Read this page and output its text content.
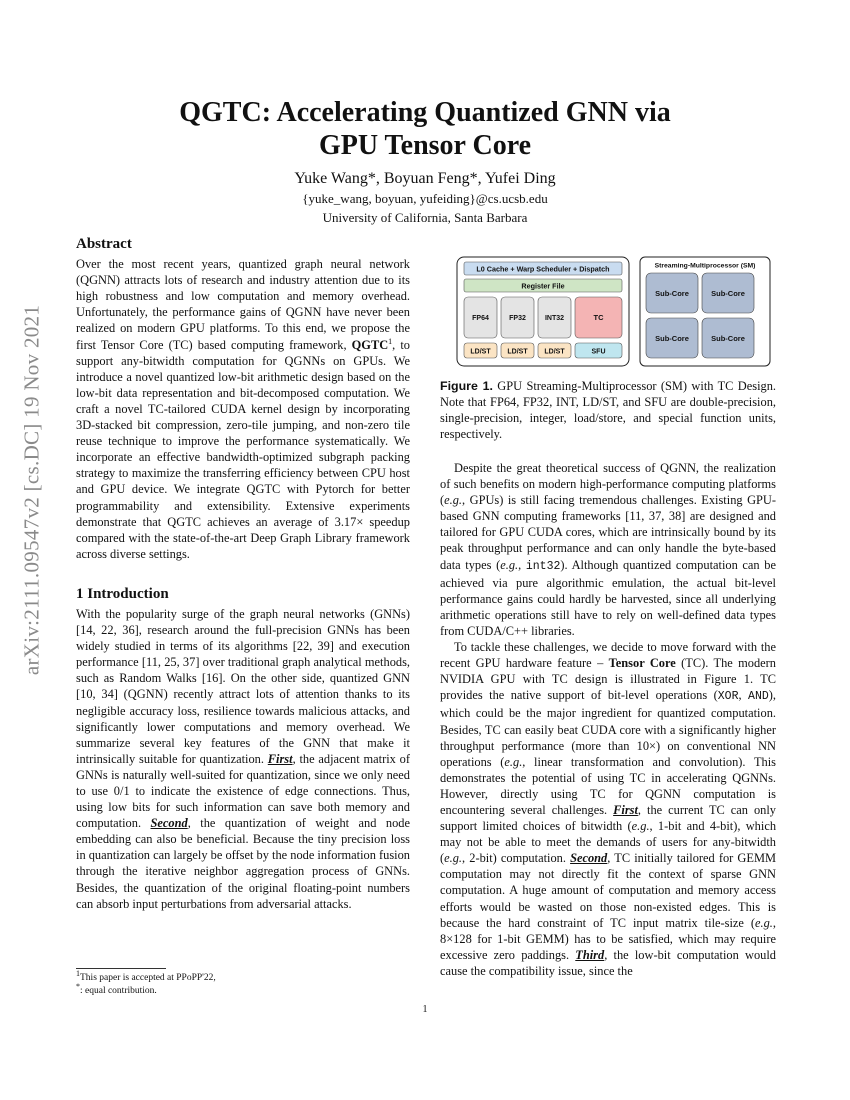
arXiv:2111.09547v2 [cs.DC] 19 Nov 2021
QGTC: Accelerating Quantized GNN via
GPU Tensor Core
Yuke Wang*, Boyuan Feng*, Yufei Ding
{yuke_wang, boyuan, yufeiding}@cs.ucsb.edu
University of California, Santa Barbara
Abstract

Over the most recent years, quantized graph neural network (QGNN) attracts lots of research and industry attention due to its high robustness and low computation and memory overhead. Unfortunately, the performance gains of QGNN have never been realized on modern GPU platforms. To this end, we propose the first Tensor Core (TC) based computing framework, QGTC$^1$, to support any-bitwidth computation for QGNNs on GPUs. We introduce a novel quantized low-bit arithmetic design based on the low-bit data representation and bit-decomposed computation. We craft a novel TC-tailored CUDA kernel design by incorporating 3D-stacked bit compression, zero-tile jumping, and non-zero tile reuse technique to improve the performance systematically. We incorporate an effective bandwidth-optimized subgraph packing strategy to maximize the transferring efficiency between CPU host and GPU device. We integrate QGTC with Pytorch for better programmability and extensibility. Extensive experiments demonstrate that QGTC achieves an average of 3.17× speedup compared with the state-of-the-art Deep Graph Library framework across diverse settings.

1 Introduction

With the popularity surge of the graph neural networks (GNNs) [14, 22, 36], research around the full-precision GNNs has been widely studied in terms of its algorithms [22, 39] and execution performance [11, 25, 37] over traditional graph analytical methods, such as Random Walks [16]. On the other side, quantized GNN [10, 34] (QGNN) recently attract lots of attention thanks to its negligible accuracy loss, resilience towards malicious attacks, and significantly lower computations and memory overhead. We summarize several key features of the GNN that make it intrinsically suitable for quantization. First, the adjacent matrix of GNNs is naturally well-suited for quantization, since we only need to use 0/1 to indicate the existence of edge connections. Thus, using low bits for such information can save both memory and computation. Second, the quantization of weight and node embedding can also be beneficial. Because the tiny precision loss in quantization can largely be offset by the node information fusion through the iterative neighbor aggregation process of GNNs. Besides, the quantization of the original floating-point numbers can absorb input perturbations from adversarial attacks.

$^1$This paper is accepted at PPoPP'22,
*: equal contribution.
1
L0 Cache + Warp Scheduler + Dispatch
Register File
FP64	FP32	INT32	TC
LD/ST LD/ST LD/ST	SFU
Streaming-Multiprocessor (SM)
Sub-Core	Sub-Core
Sub-Core	Sub-Core
Figure 1. GPU Streaming-Multiprocessor (SM) with TC Design. Note that FP64, FP32, INT, LD/ST, and SFU are double-precision, single-precision, integer, load/store, and special function units, respectively.

Despite the great theoretical success of QGNN, the realization of such benefits on modern high-performance computing platforms (e.g., GPUs) is still facing tremendous challenges. Existing GPU-based GNN computing frameworks [11, 37, 38] are designed and tailored for GPU CUDA cores, which are intrinsically bound by its peak throughput performance and can only handle the byte-based data types (e.g., int32). Although quantized computation can be achieved via pure algorithmic emulation, the actual bit-level performance gains could hardly be harvested, since all underlying arithmetic operations still have to rely on well-defined data types from CUDA/C++ libraries.

To tackle these challenges, we decide to move forward with the recent GPU hardware feature – Tensor Core (TC). The modern NVIDIA GPU with TC design is illustrated in Figure 1. TC provides the native support of bit-level operations (XOR, AND), which could be the major ingredient for quantized computation. Besides, TC can easily beat CUDA core with a significantly higher throughput performance (more than 10×) on conventional NN operations (e.g., linear transformation and convolution). This demonstrates the potential of using TC in accelerating QGNNs. However, directly using TC for QGNN computation is encountering several challenges. First, the current TC can only support limited choices of bitwidth (e.g., 1-bit and 4-bit), which may not be able to meet the demands of users for any-bitwidth (e.g., 2-bit) computation. Second, TC initially tailored for GEMM computation may not directly fit the context of sparse GNN computation. A huge amount of computation and memory access efforts would be wasted on those non-existed edges. This is because the hard constraint of TC input matrix tile-size (e.g., 8×128 for 1-bit GEMM) has to be satisfied, which may require excessive zero paddings. Third, the low-bit computation would cause the compatibility issue, since the
